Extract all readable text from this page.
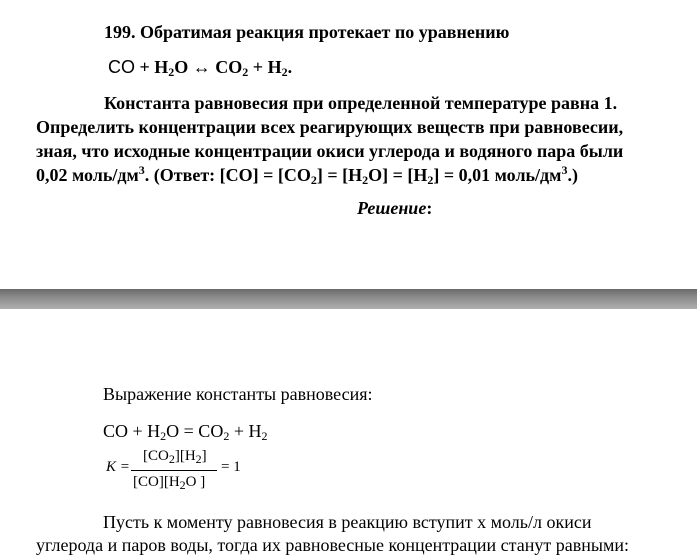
199. Обратимая реакция протекает по уравнению
CO + $H_2O$ ↔ $CO_2 + H_2$.
Константа равновесия при определенной температуре равна 1.
Определить концентрации всех реагирующих веществ при равновесии,
зная, что исходные концентрации окиси углерода и водяного пара были
0,02 моль/$дм^3$. (Ответ: $[CO] = [CO_2] = [H_2O] = [H_2] = 0,01$ моль/$дм^3$.)
Решение:
Выражение константы равновесия:
CO + $H_2O = CO_2 + H_2$
K =
$[CO_2][H_2]$
$[CO][H_2O$ ]
= 1
Пусть к моменту равновесия в реакцию вступит х моль/л окиси
углерода и паров воды, тогда их равновесные концентрации станут равными:
